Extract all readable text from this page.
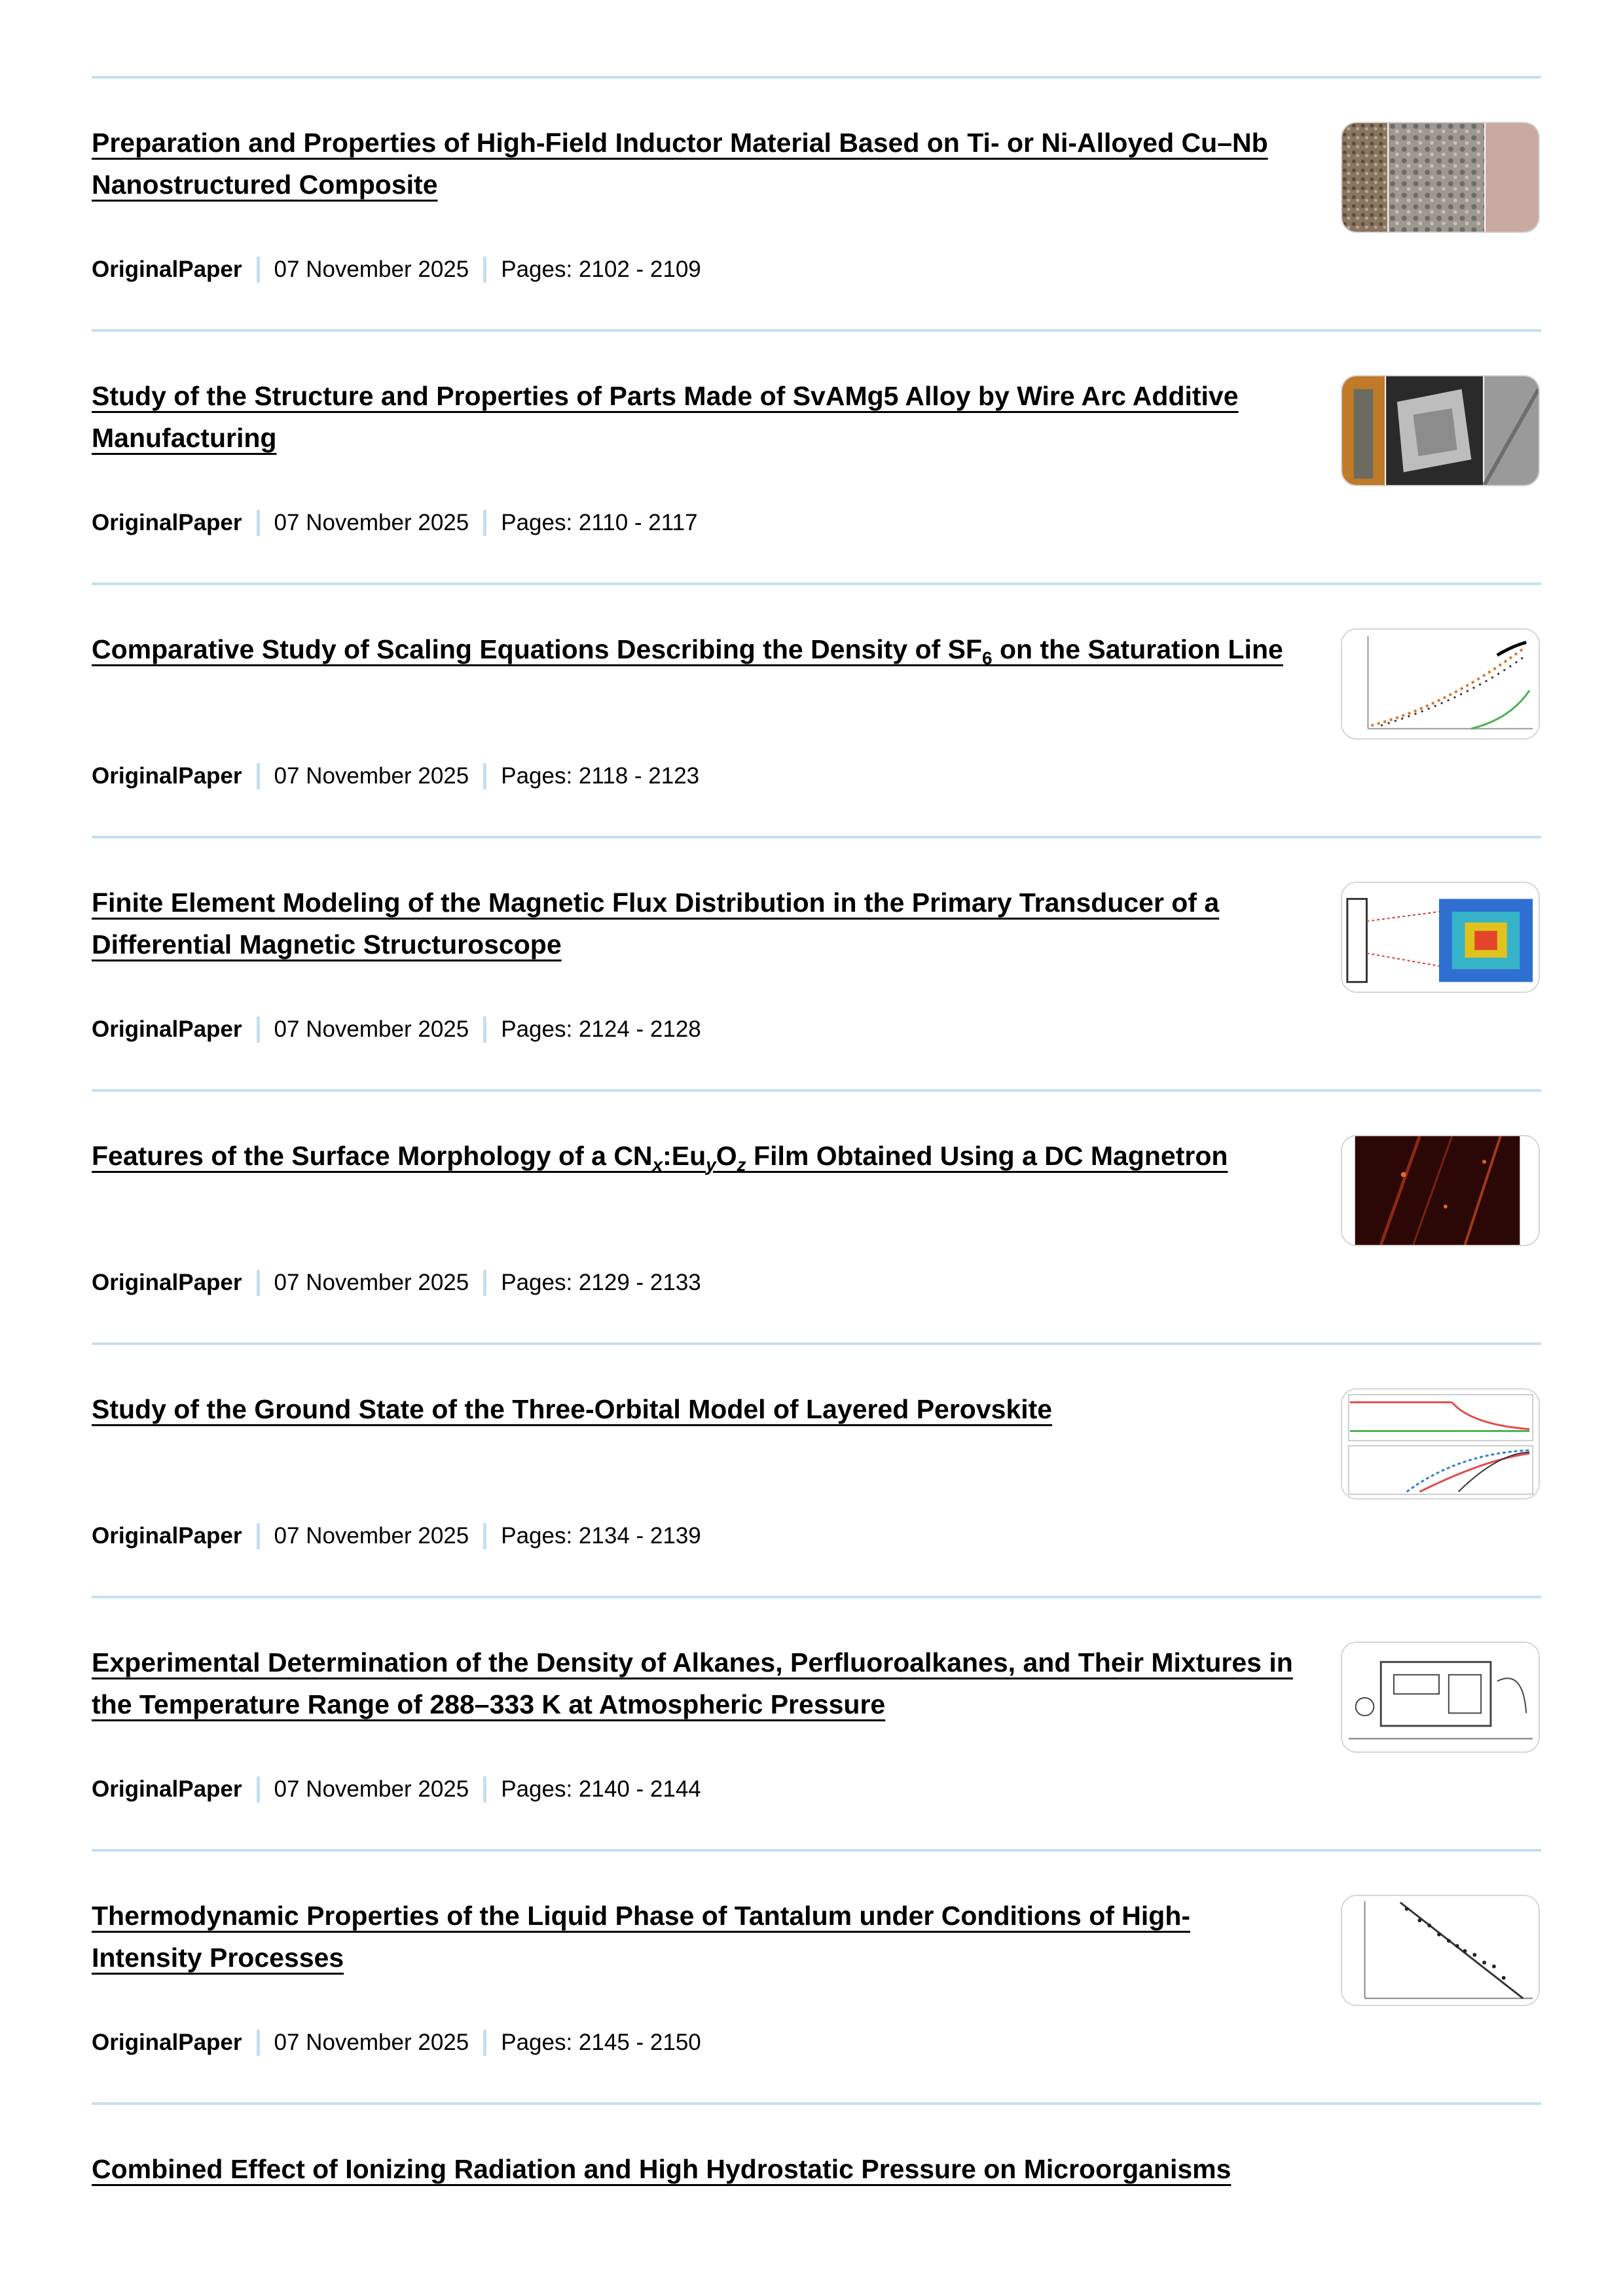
Preparation and Properties of High-Field Inductor Material Based on Ti- or Ni-Alloyed Cu–Nb Nanostructured Composite
OriginalPaper 07 November 2025 Pages: 2102 - 2109
Study of the Structure and Properties of Parts Made of SvAMg5 Alloy by Wire Arc Additive Manufacturing
OriginalPaper 07 November 2025 Pages: 2110 - 2117
Comparative Study of Scaling Equations Describing the Density of $SF_6$ on the Saturation Line
OriginalPaper 07 November 2025 Pages: 2118 - 2123
Finite Element Modeling of the Magnetic Flux Distribution in the Primary Transducer of a Differential Magnetic Structuroscope
OriginalPaper 07 November 2025 Pages: 2124 - 2128
Features of the Surface Morphology of a $CN_x:Eu_yO_z$ Film Obtained Using a DC Magnetron
OriginalPaper 07 November 2025 Pages: 2129 - 2133
Study of the Ground State of the Three-Orbital Model of Layered Perovskite
OriginalPaper 07 November 2025 Pages: 2134 - 2139
Experimental Determination of the Density of Alkanes, Perfluoroalkanes, and Their Mixtures in the Temperature Range of 288–333 K at Atmospheric Pressure
OriginalPaper 07 November 2025 Pages: 2140 - 2144
Thermodynamic Properties of the Liquid Phase of Tantalum under Conditions of High-Intensity Processes
OriginalPaper 07 November 2025 Pages: 2145 - 2150
Combined Effect of Ionizing Radiation and High Hydrostatic Pressure on Microorganisms
